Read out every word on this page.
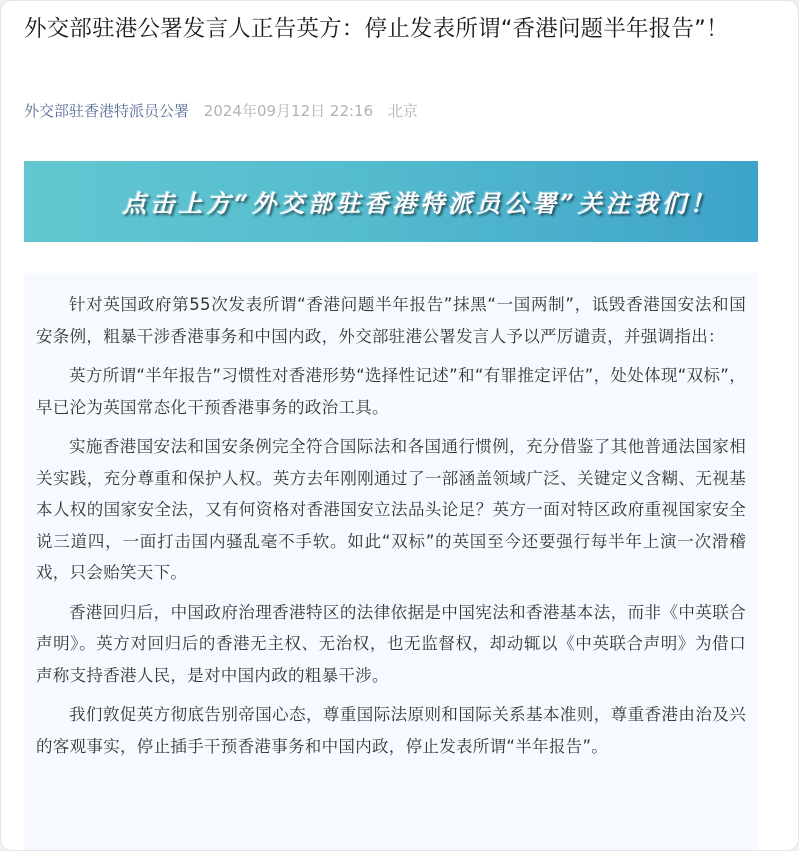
外交部驻港公署发言人正告英方：停止发表所谓“香港问题半年报告”！
外交部驻香港特派员公署 2024年09月12日 22:16 北京
点击上方“外交部驻香港特派员公署”关注我们！

针对英国政府第55次发表所谓“香港问题半年报告”抹黑“一国两制”，诋毁香港国安法和国安条例，粗暴干涉香港事务和中国内政，外交部驻港公署发言人予以严厉谴责，并强调指出：

英方所谓“半年报告”习惯性对香港形势“选择性记述”和“有罪推定评估”，处处体现“双标”，早已沦为英国常态化干预香港事务的政治工具。

实施香港国安法和国安条例完全符合国际法和各国通行惯例，充分借鉴了其他普通法国家相关实践，充分尊重和保护人权。英方去年刚刚通过了一部涵盖领域广泛、关键定义含糊、无视基本人权的国家安全法，又有何资格对香港国安立法品头论足？英方一面对特区政府重视国家安全说三道四，一面打击国内骚乱毫不手软。如此“双标”的英国至今还要强行每半年上演一次滑稽戏，只会贻笑天下。

香港回归后，中国政府治理香港特区的法律依据是中国宪法和香港基本法，而非《中英联合声明》。英方对回归后的香港无主权、无治权，也无监督权，却动辄以《中英联合声明》为借口声称支持香港人民，是对中国内政的粗暴干涉。

我们敦促英方彻底告别帝国心态，尊重国际法原则和国际关系基本准则，尊重香港由治及兴的客观事实，停止插手干预香港事务和中国内政，停止发表所谓“半年报告”。
